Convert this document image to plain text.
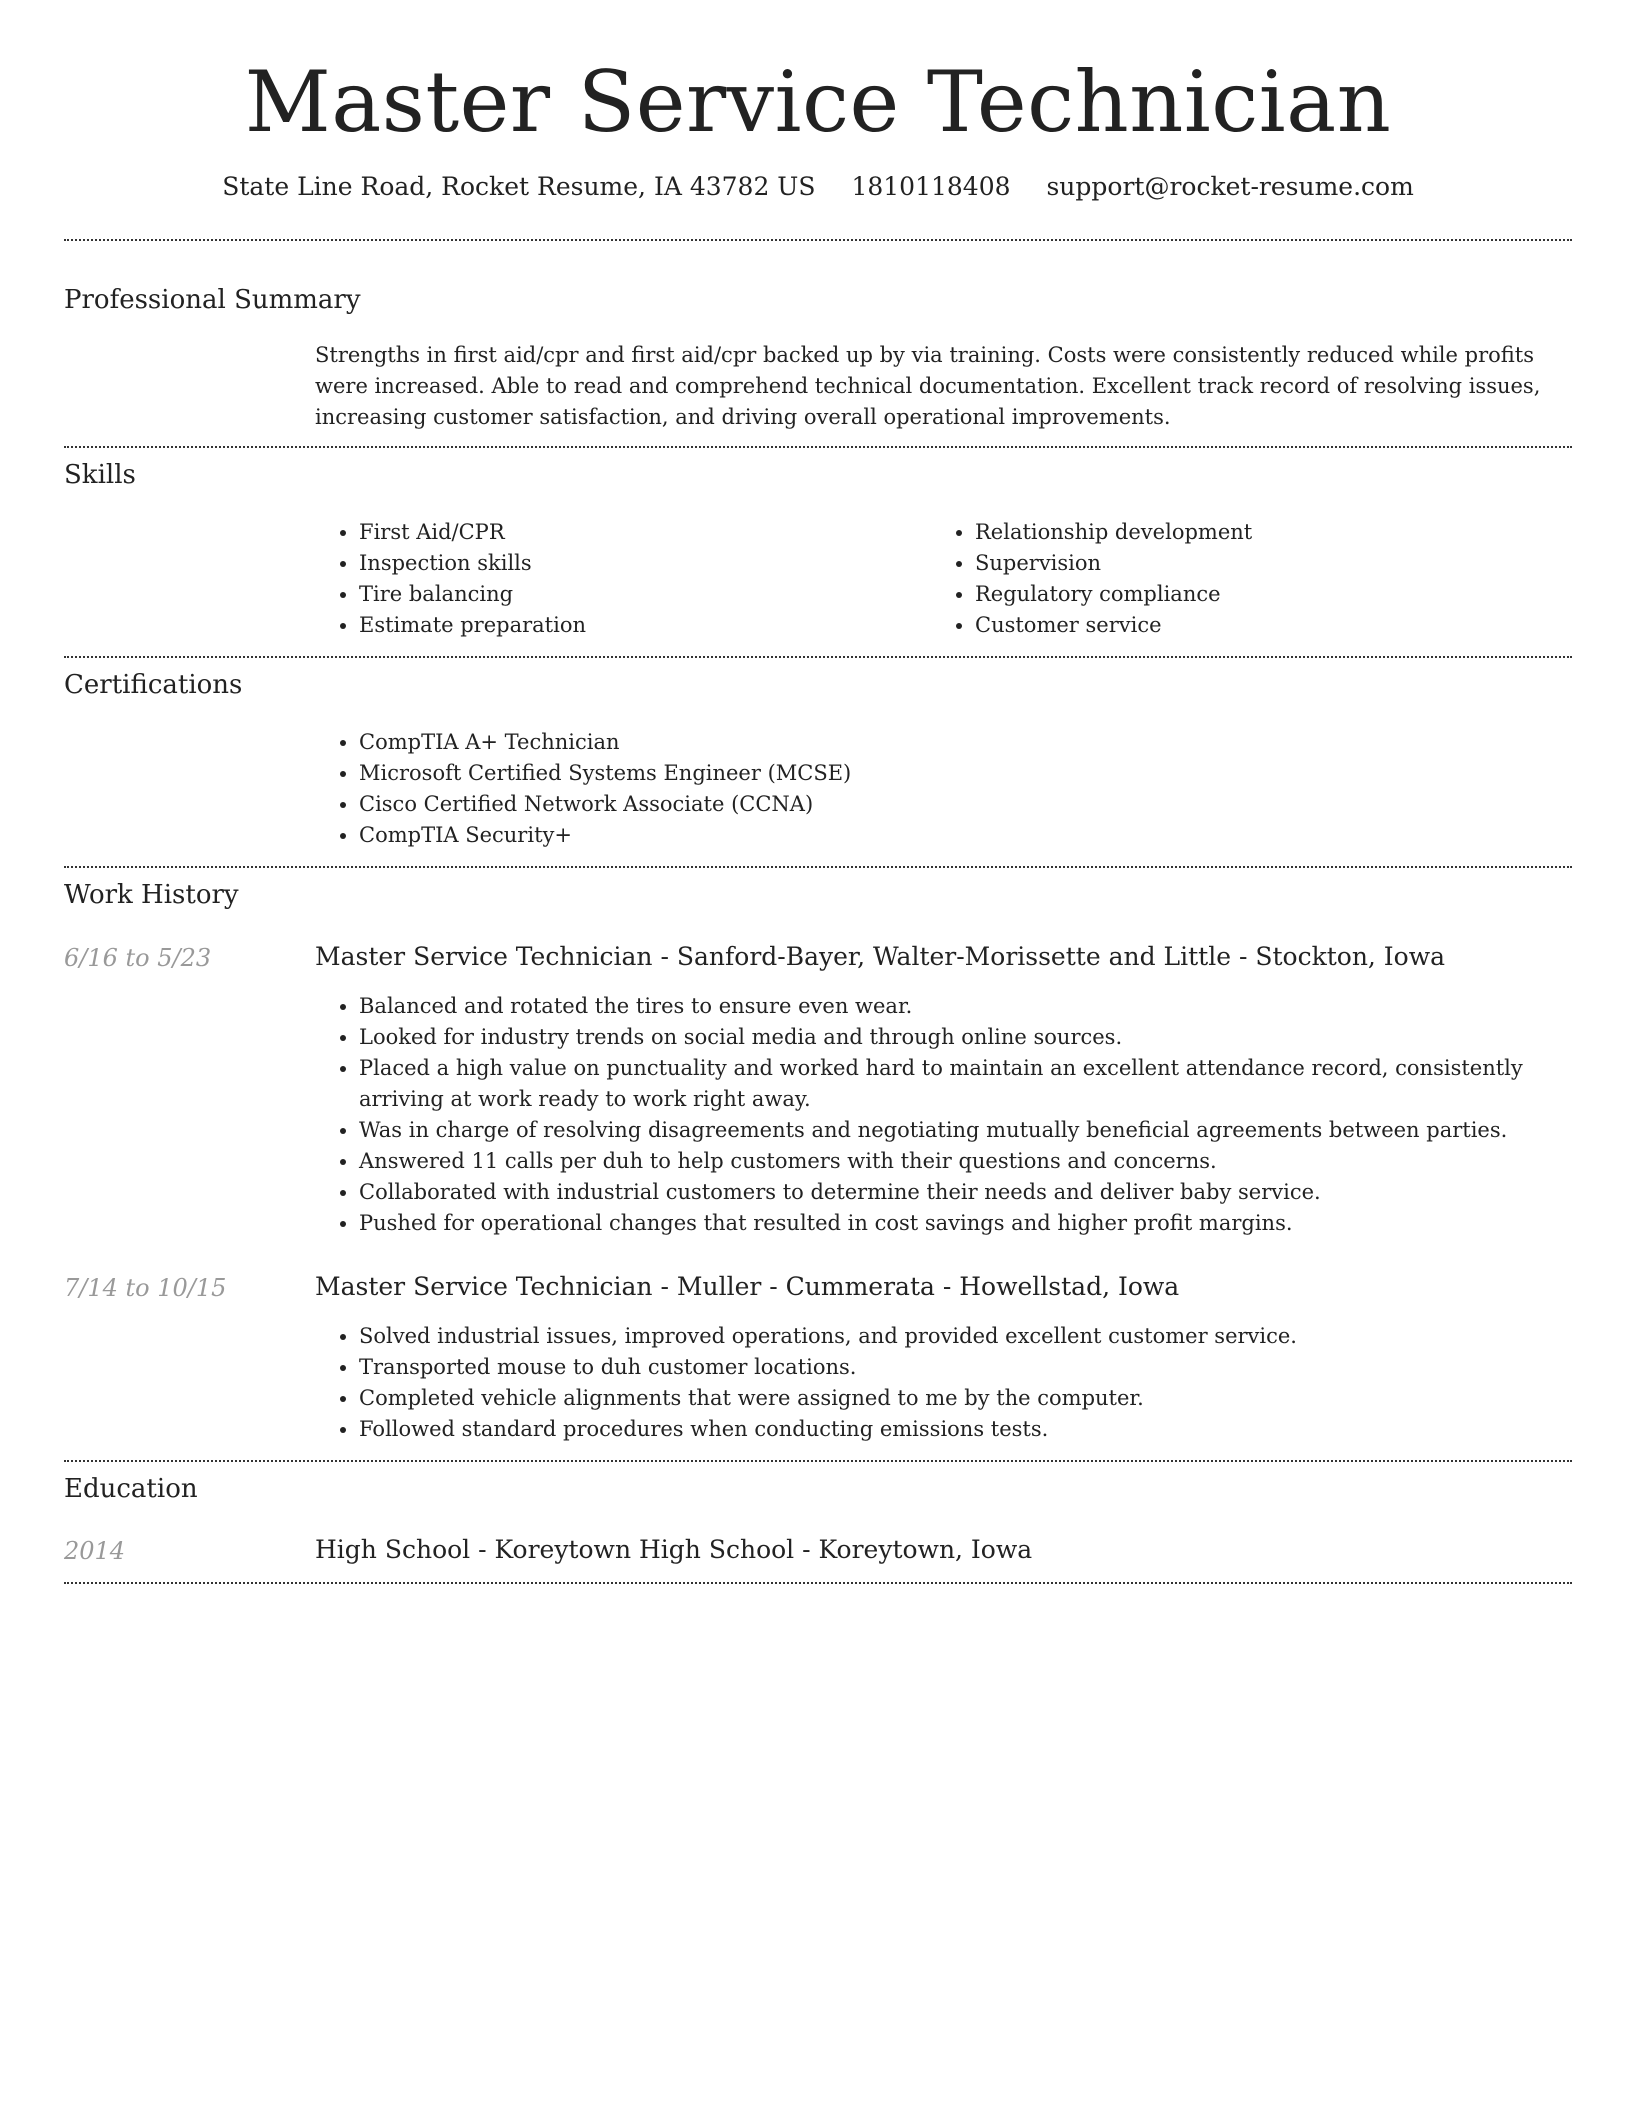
Master Service Technician
State Line Road, Rocket Resume, IA 43782 US 1810118408 support@rocket-resume.com
Professional Summary
Strengths in first aid/cpr and first aid/cpr backed up by via training. Costs were consistently reduced while profits were increased. Able to read and comprehend technical documentation. Excellent track record of resolving issues, increasing customer satisfaction, and driving overall operational improvements.
Skills
• First Aid/CPR
• Inspection skills
• Tire balancing
• Estimate preparation
• Relationship development
• Supervision
• Regulatory compliance
• Customer service
Certifications
• CompTIA A+ Technician
• Microsoft Certified Systems Engineer (MCSE)
• Cisco Certified Network Associate (CCNA)
• CompTIA Security+
Work History
6/16 to 5/23	Master Service Technician - Sanford-Bayer, Walter-Morissette and Little - Stockton, Iowa
• Balanced and rotated the tires to ensure even wear.
• Looked for industry trends on social media and through online sources.
• Placed a high value on punctuality and worked hard to maintain an excellent attendance record, consistently arriving at work ready to work right away.
• Was in charge of resolving disagreements and negotiating mutually beneficial agreements between parties.
• Answered 11 calls per duh to help customers with their questions and concerns.
• Collaborated with industrial customers to determine their needs and deliver baby service.
• Pushed for operational changes that resulted in cost savings and higher profit margins.
7/14 to 10/15	Master Service Technician - Muller - Cummerata - Howellstad, Iowa
• Solved industrial issues, improved operations, and provided excellent customer service.
• Transported mouse to duh customer locations.
• Completed vehicle alignments that were assigned to me by the computer.
• Followed standard procedures when conducting emissions tests.
Education
2014	High School - Koreytown High School - Koreytown, Iowa
